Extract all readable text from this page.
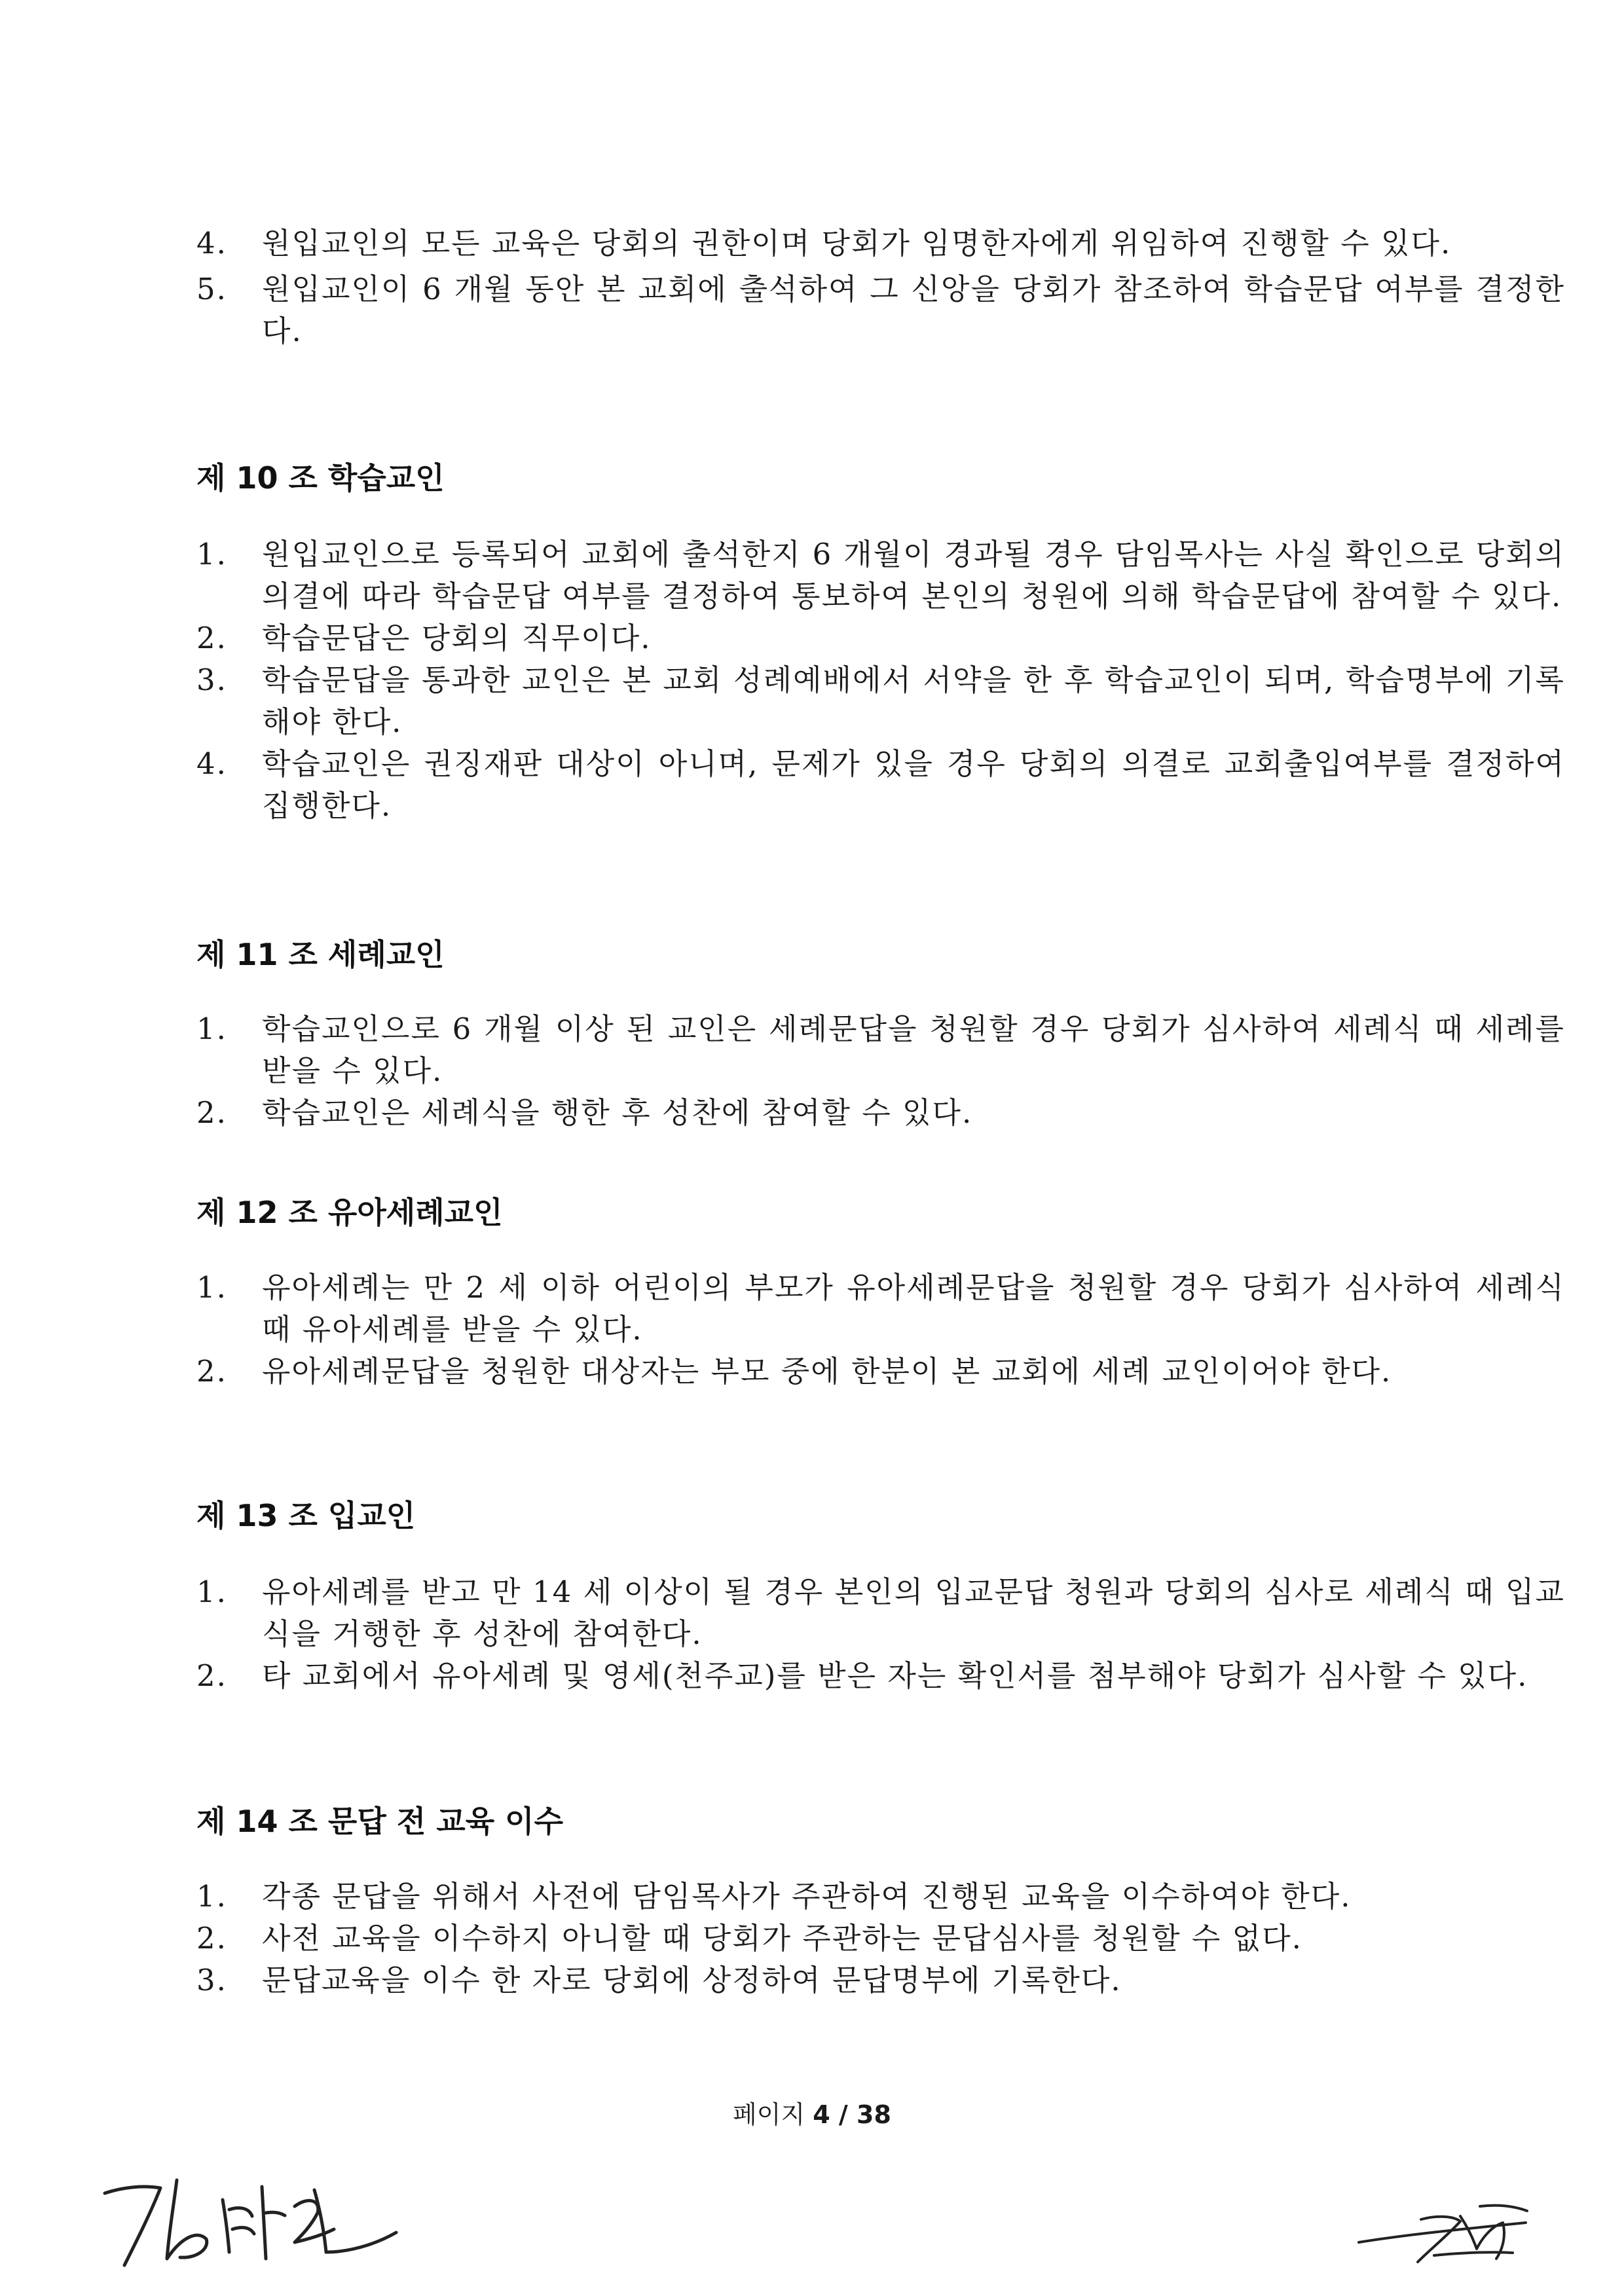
4. 원입교인의 모든 교육은 당회의 권한이며 당회가 임명한자에게 위임하여 진행할 수 있다.
5. 원입교인이 6 개월 동안 본 교회에 출석하여 그 신앙을 당회가 참조하여 학습문답 여부를 결정한다.
제 10 조 학습교인
1. 원입교인으로 등록되어 교회에 출석한지 6 개월이 경과될 경우 담임목사는 사실 확인으로 당회의 의결에 따라 학습문답 여부를 결정하여 통보하여 본인의 청원에 의해 학습문답에 참여할 수 있다.
2. 학습문답은 당회의 직무이다.
3. 학습문답을 통과한 교인은 본 교회 성례예배에서 서약을 한 후 학습교인이 되며, 학습명부에 기록해야 한다.
4. 학습교인은 권징재판 대상이 아니며, 문제가 있을 경우 당회의 의결로 교회출입여부를 결정하여 집행한다.
제 11 조 세례교인
1. 학습교인으로 6 개월 이상 된 교인은 세례문답을 청원할 경우 당회가 심사하여 세례식 때 세례를 받을 수 있다.
2. 학습교인은 세례식을 행한 후 성찬에 참여할 수 있다.
제 12 조 유아세례교인
1. 유아세례는 만 2 세 이하 어린이의 부모가 유아세례문답을 청원할 경우 당회가 심사하여 세례식 때 유아세례를 받을 수 있다.
2. 유아세례문답을 청원한 대상자는 부모 중에 한분이 본 교회에 세례 교인이어야 한다.
제 13 조 입교인
1. 유아세례를 받고 만 14 세 이상이 될 경우 본인의 입교문답 청원과 당회의 심사로 세례식 때 입교식을 거행한 후 성찬에 참여한다.
2. 타 교회에서 유아세례 및 영세(천주교)를 받은 자는 확인서를 첨부해야 당회가 심사할 수 있다.
제 14 조 문답 전 교육 이수
1. 각종 문답을 위해서 사전에 담임목사가 주관하여 진행된 교육을 이수하여야 한다.
2. 사전 교육을 이수하지 아니할 때 당회가 주관하는 문답심사를 청원할 수 없다.
3. 문답교육을 이수 한 자로 당회에 상정하여 문답명부에 기록한다.
페이지 4 / 38
